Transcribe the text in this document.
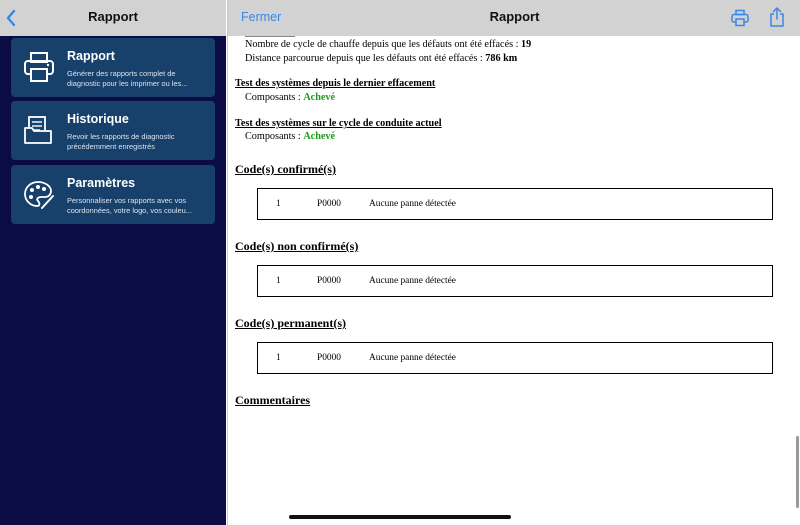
Rapport
Rapport
Générer des rapports complet de diagnostic pour les imprimer ou les...
Historique
Revoir les rapports de diagnostic précédemment enregistrés
Paramètres
Personnaliser vos rapports avec vos coordonnées, votre logo, vos couleu...
Nombre de cycle de chauffe depuis que les défauts ont été effacés : 19
Distance parcourue depuis que les défauts ont été effacés : 786 km
Test des systèmes depuis le dernier effacement
Composants : Achevé
Test des systèmes sur le cycle de conduite actuel
Composants : Achevé
Code(s) confirmé(s)
1	P0000	Aucune panne détectée
Code(s) non confirmé(s)
1	P0000	Aucune panne détectée
Code(s) permanent(s)
1	P0000	Aucune panne détectée
Commentaires
Fermer	Rapport
